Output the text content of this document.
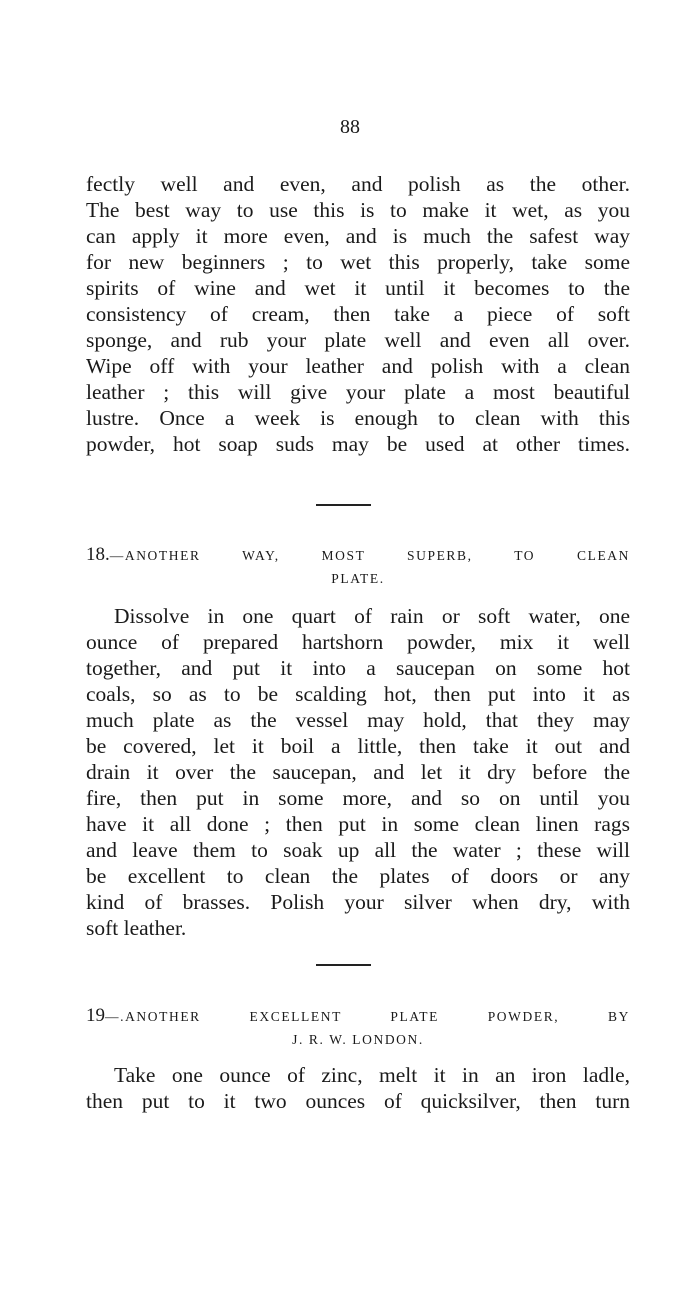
88
fectly well and even, and polish as the other.
The best way to use this is to make it wet, as you
can apply it more even, and is much the safest way
for new beginners ; to wet this properly, take some
spirits of wine and wet it until it becomes to the
consistency of cream, then take a piece of soft
sponge, and rub your plate well and even all over.
Wipe off with your leather and polish with a clean
leather ; this will give your plate a most beautiful
lustre. Once a week is enough to clean with this
powder, hot soap suds may be used at other times.
18.—ANOTHER WAY, MOST SUPERB, TO CLEAN
PLATE.
Dissolve in one quart of rain or soft water, one
ounce of prepared hartshorn powder, mix it well
together, and put it into a saucepan on some hot
coals, so as to be scalding hot, then put into it as
much plate as the vessel may hold, that they may
be covered, let it boil a little, then take it out and
drain it over the saucepan, and let it dry before the
fire, then put in some more, and so on until you
have it all done ; then put in some clean linen rags
and leave them to soak up all the water ; these will
be excellent to clean the plates of doors or any
kind of brasses. Polish your silver when dry, with
soft leather.
19—.ANOTHER EXCELLENT PLATE POWDER, BY
J. R. W. LONDON.
Take one ounce of zinc, melt it in an iron ladle,
then put to it two ounces of quicksilver, then turn
